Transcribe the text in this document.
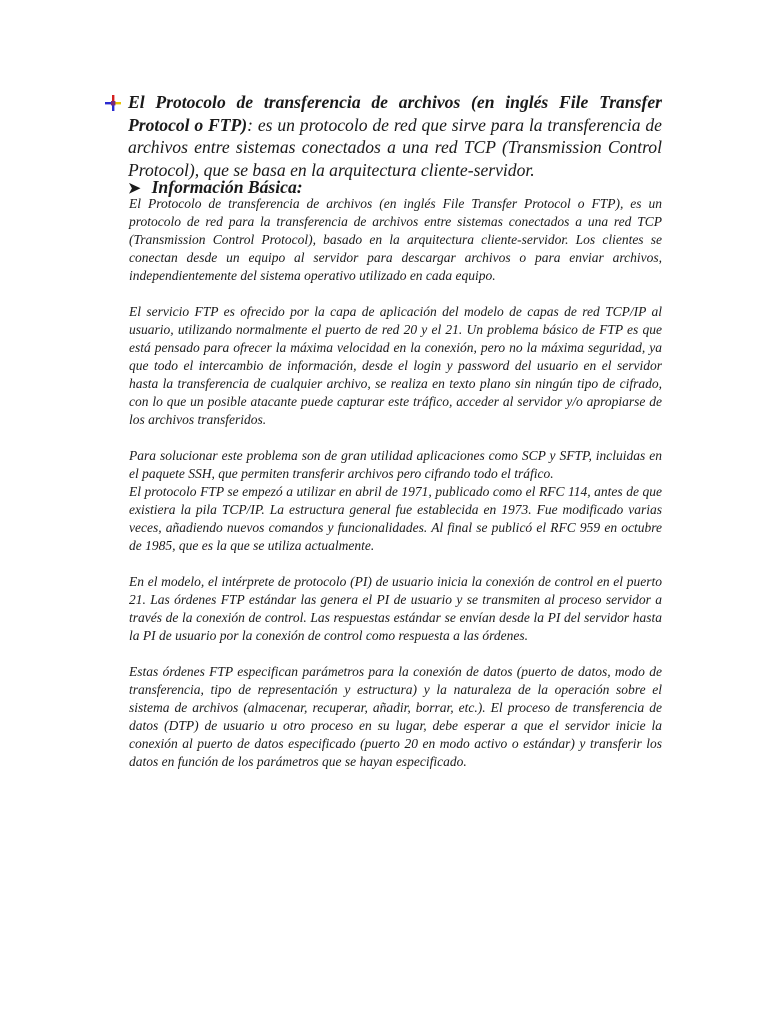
El Protocolo de transferencia de archivos (en inglés File Transfer Protocol o FTP): es un protocolo de red que sirve para la transferencia de archivos entre sistemas conectados a una red TCP (Transmission Control Protocol), que se basa en la arquitectura cliente-servidor.

➤ Información Básica:

El Protocolo de transferencia de archivos (en inglés File Transfer Protocol o FTP), es un protocolo de red para la transferencia de archivos entre sistemas conectados a una red TCP (Transmission Control Protocol), basado en la arquitectura cliente-servidor. Los clientes se conectan desde un equipo al servidor para descargar archivos o para enviar archivos, independientemente del sistema operativo utilizado en cada equipo.

El servicio FTP es ofrecido por la capa de aplicación del modelo de capas de red TCP/IP al usuario, utilizando normalmente el puerto de red 20 y el 21. Un problema básico de FTP es que está pensado para ofrecer la máxima velocidad en la conexión, pero no la máxima seguridad, ya que todo el intercambio de información, desde el login y password del usuario en el servidor hasta la transferencia de cualquier archivo, se realiza en texto plano sin ningún tipo de cifrado, con lo que un posible atacante puede capturar este tráfico, acceder al servidor y/o apropiarse de los archivos transferidos.

Para solucionar este problema son de gran utilidad aplicaciones como SCP y SFTP, incluidas en el paquete SSH, que permiten transferir archivos pero cifrando todo el tráfico.

El protocolo FTP se empezó a utilizar en abril de 1971, publicado como el RFC 114, antes de que existiera la pila TCP/IP. La estructura general fue establecida en 1973. Fue modificado varias veces, añadiendo nuevos comandos y funcionalidades. Al final se publicó el RFC 959 en octubre de 1985, que es la que se utiliza actualmente.

En el modelo, el intérprete de protocolo (PI) de usuario inicia la conexión de control en el puerto 21. Las órdenes FTP estándar las genera el PI de usuario y se transmiten al proceso servidor a través de la conexión de control. Las respuestas estándar se envían desde la PI del servidor hasta la PI de usuario por la conexión de control como respuesta a las órdenes.

Estas órdenes FTP especifican parámetros para la conexión de datos (puerto de datos, modo de transferencia, tipo de representación y estructura) y la naturaleza de la operación sobre el sistema de archivos (almacenar, recuperar, añadir, borrar, etc.). El proceso de transferencia de datos (DTP) de usuario u otro proceso en su lugar, debe esperar a que el servidor inicie la conexión al puerto de datos especificado (puerto 20 en modo activo o estándar) y transferir los datos en función de los parámetros que se hayan especificado.
